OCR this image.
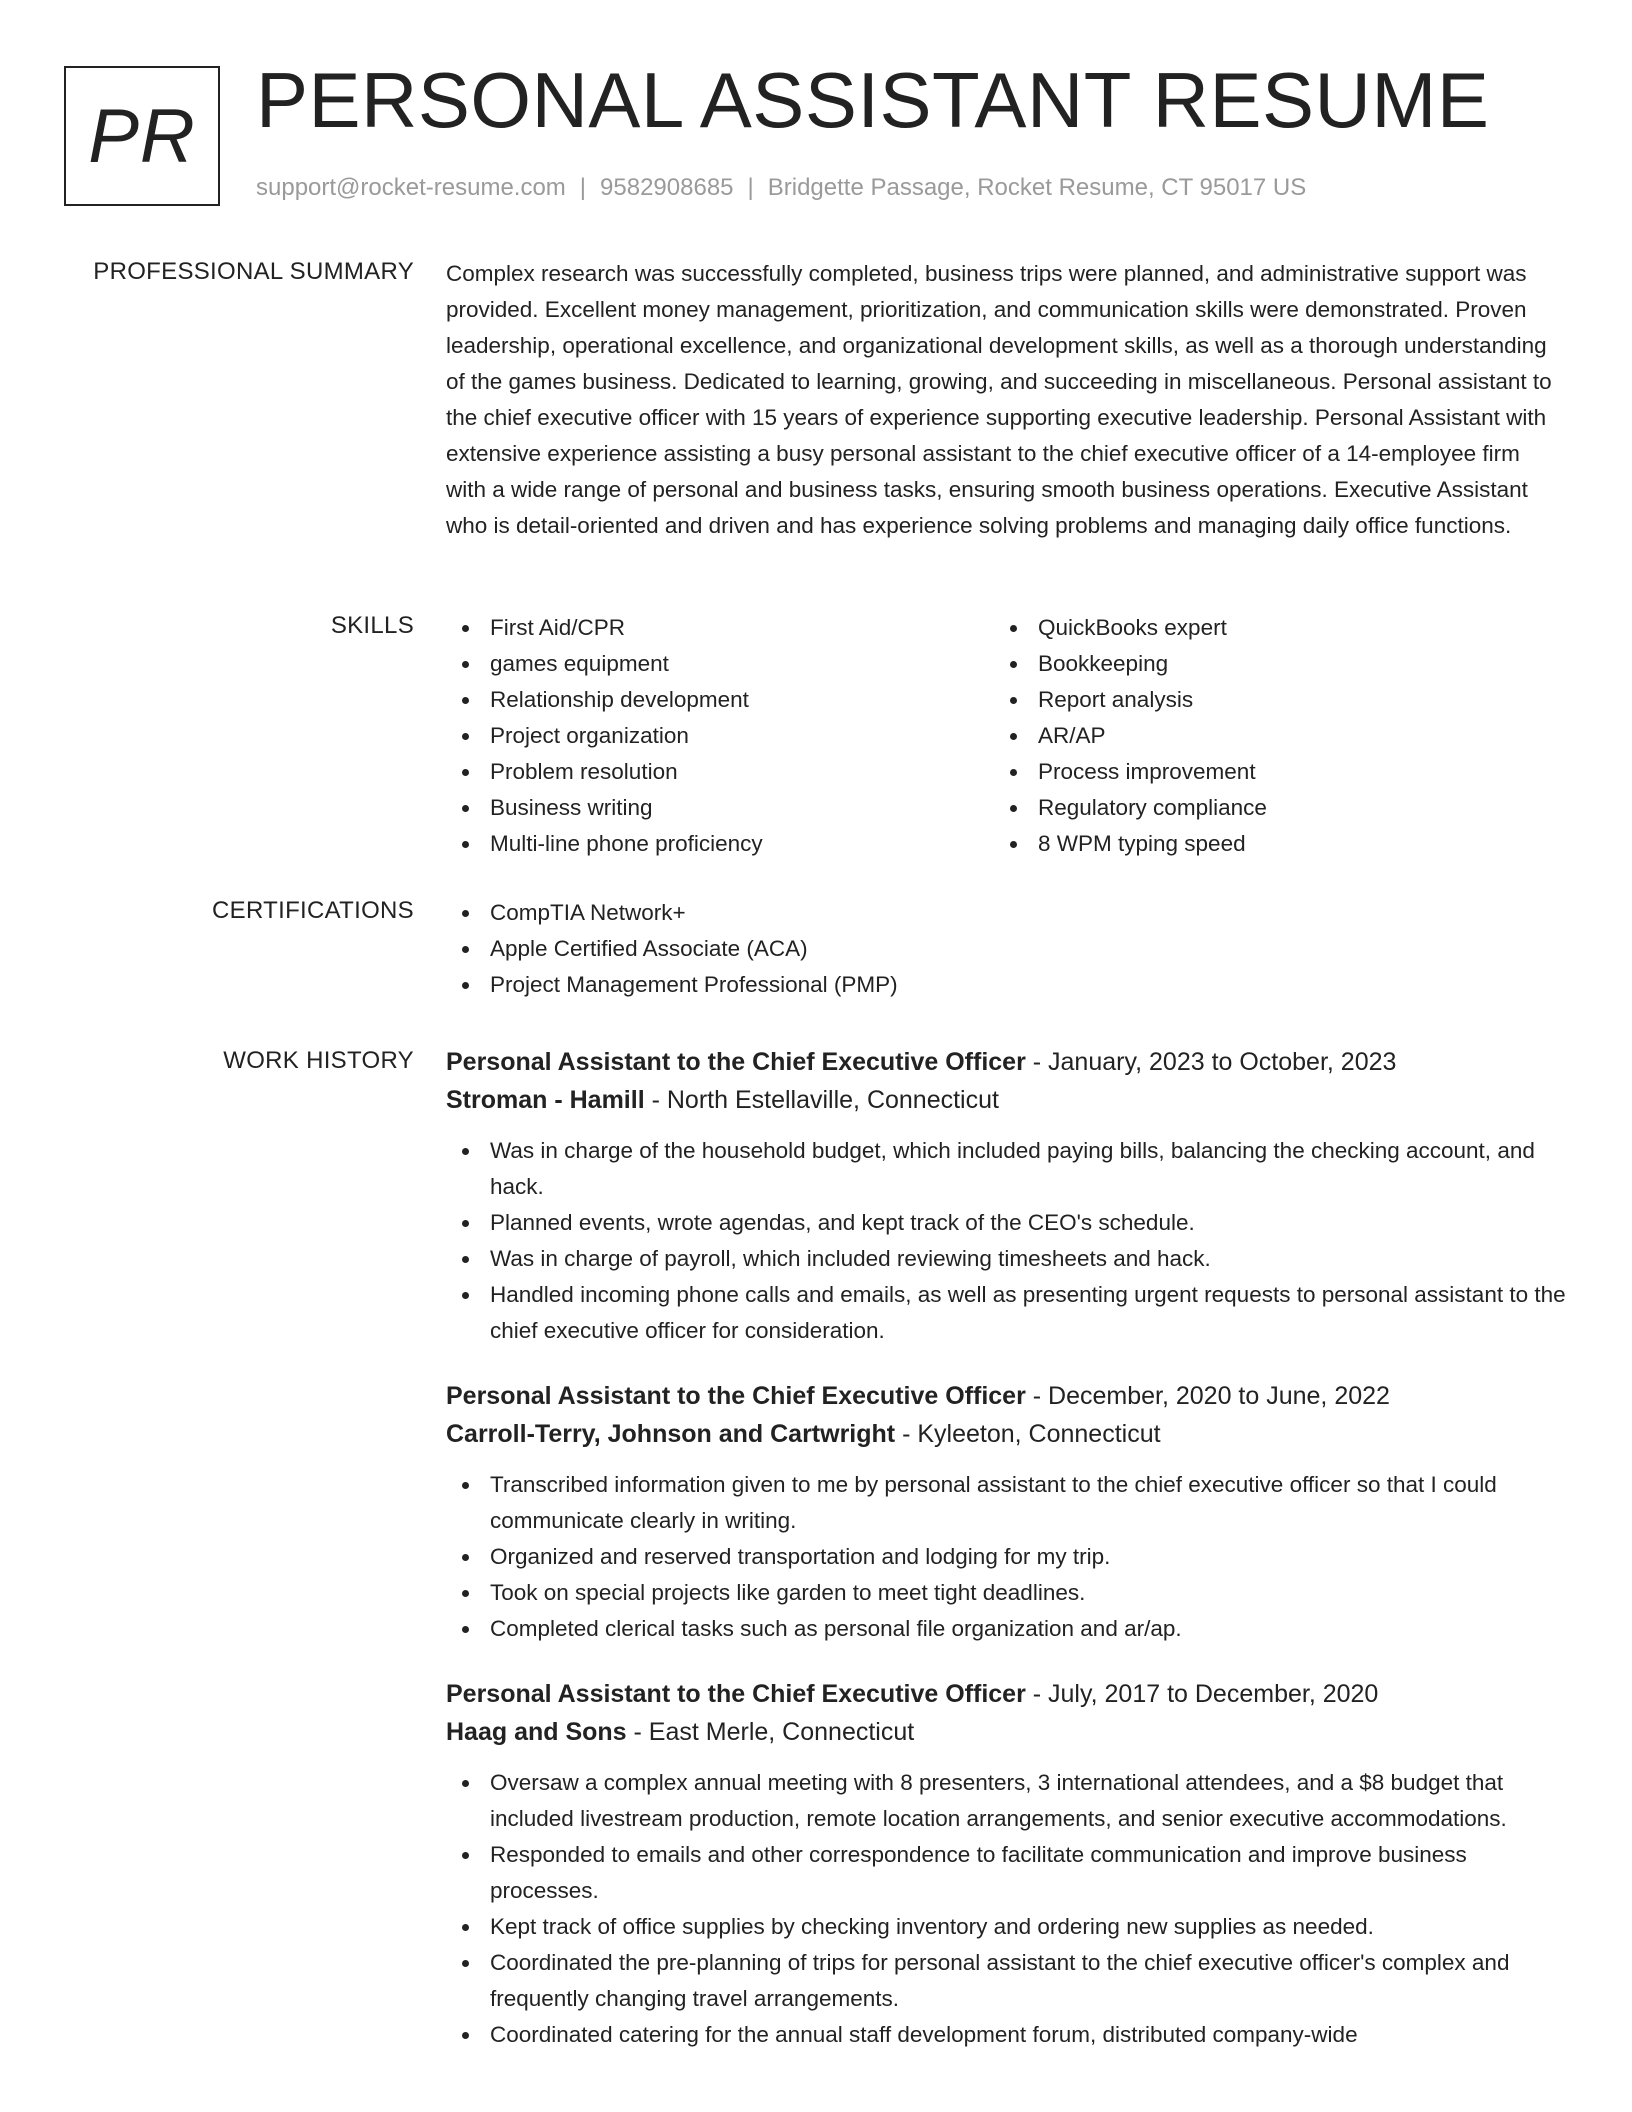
PR PERSONAL ASSISTANT RESUME
support@rocket-resume.com | 9582908685 | Bridgette Passage, Rocket Resume, CT 95017 US
PROFESSIONAL SUMMARY Complex research was successfully completed, business trips were planned, and administrative support was provided. Excellent money management, prioritization, and communication skills were demonstrated. Proven leadership, operational excellence, and organizational development skills, as well as a thorough understanding of the games business. Dedicated to learning, growing, and succeeding in miscellaneous. Personal assistant to the chief executive officer with 15 years of experience supporting executive leadership. Personal Assistant with extensive experience assisting a busy personal assistant to the chief executive officer of a 14-employee firm with a wide range of personal and business tasks, ensuring smooth business operations. Executive Assistant who is detail-oriented and driven and has experience solving problems and managing daily office functions.

SKILLS	First Aid/CPR
games equipment
Relationship development
Project organization
Problem resolution
Business writing
Multi-line phone proficiency
QuickBooks expert
Bookkeeping
Report analysis
AR/AP
Process improvement
Regulatory compliance
8 WPM typing speed
CERTIFICATIONS	CompTIA Network+
Apple Certified Associate (ACA)
Project Management Professional (PMP)
WORK HISTORY Personal Assistant to the Chief Executive Officer - January, 2023 to October, 2023
Stroman - Hamill - North Estellaville, Connecticut
Was in charge of the household budget, which included paying bills, balancing the checking account, and hack.
Planned events, wrote agendas, and kept track of the CEO's schedule.
Was in charge of payroll, which included reviewing timesheets and hack.
Handled incoming phone calls and emails, as well as presenting urgent requests to personal assistant to the chief executive officer for consideration.
Personal Assistant to the Chief Executive Officer - December, 2020 to June, 2022
Carroll-Terry, Johnson and Cartwright - Kyleeton, Connecticut
Transcribed information given to me by personal assistant to the chief executive officer so that I could communicate clearly in writing.
Organized and reserved transportation and lodging for my trip.
Took on special projects like garden to meet tight deadlines.
Completed clerical tasks such as personal file organization and ar/ap.
Personal Assistant to the Chief Executive Officer - July, 2017 to December, 2020
Haag and Sons - East Merle, Connecticut
Oversaw a complex annual meeting with 8 presenters, 3 international attendees, and a $8 budget that included livestream production, remote location arrangements, and senior executive accommodations.
Responded to emails and other correspondence to facilitate communication and improve business processes.
Kept track of office supplies by checking inventory and ordering new supplies as needed.
Coordinated the pre-planning of trips for personal assistant to the chief executive officer's complex and frequently changing travel arrangements.
Coordinated catering for the annual staff development forum, distributed company-wide
